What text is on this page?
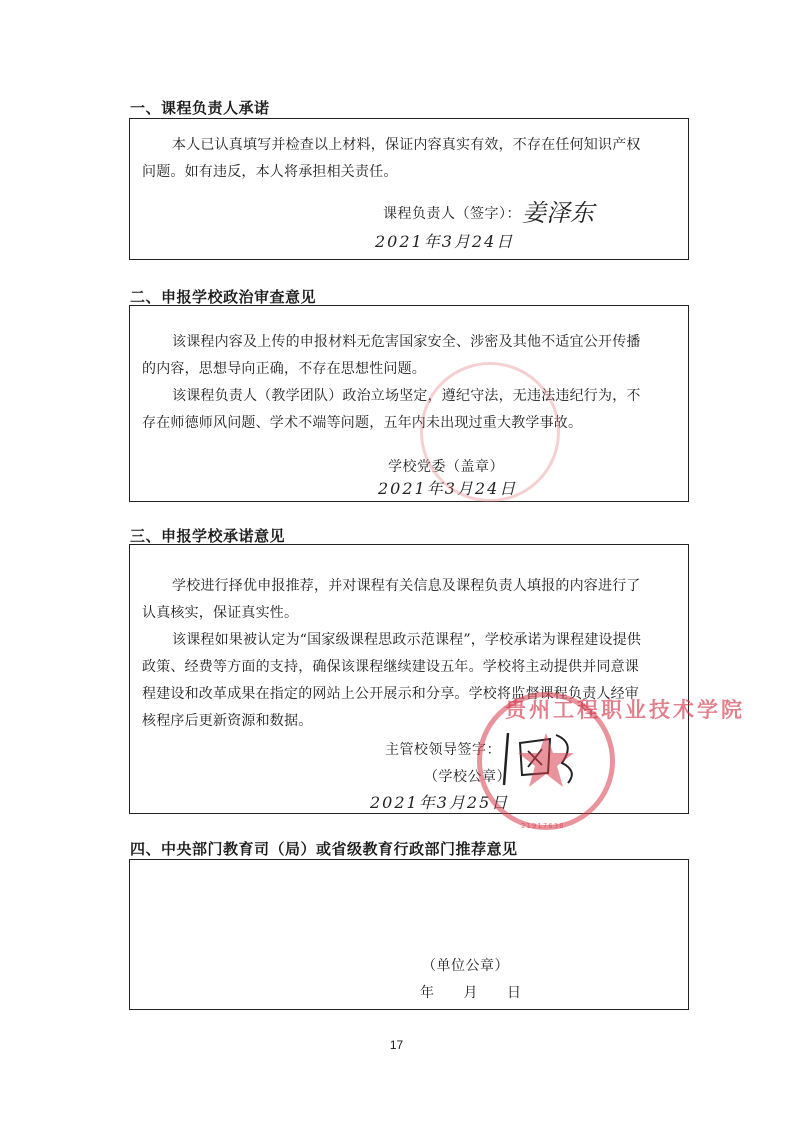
一、课程负责人承诺
本人已认真填写并检查以上材料，保证内容真实有效，不存在任何知识产权
问题。如有违反，本人将承担相关责任。
课程负责人（签字）： 姜泽东
2021年3月24日
二、申报学校政治审查意见
该课程内容及上传的申报材料无危害国家安全、涉密及其他不适宜公开传播
的内容，思想导向正确，不存在思想性问题。
该课程负责人（教学团队）政治立场坚定，遵纪守法，无违法违纪行为，不
存在师德师风问题、学术不端等问题，五年内未出现过重大教学事故。
学校党委（盖章）
2021年3月24日
三、申报学校承诺意见
学校进行择优申报推荐，并对课程有关信息及课程负责人填报的内容进行了
认真核实，保证真实性。
该课程如果被认定为“国家级课程思政示范课程”，学校承诺为课程建设提供
政策、经费等方面的支持，确保该课程继续建设五年。学校将主动提供并同意课
程建设和改革成果在指定的网站上公开展示和分享。学校将监督课程负责人经审
核程序后更新资源和数据。
主管校领导签字：
（学校公章）
2021年3月25日
贵州工程职业技术学院
21917636
四、中央部门教育司（局）或省级教育行政部门推荐意见
（单位公章）
年　　月　　日
17
